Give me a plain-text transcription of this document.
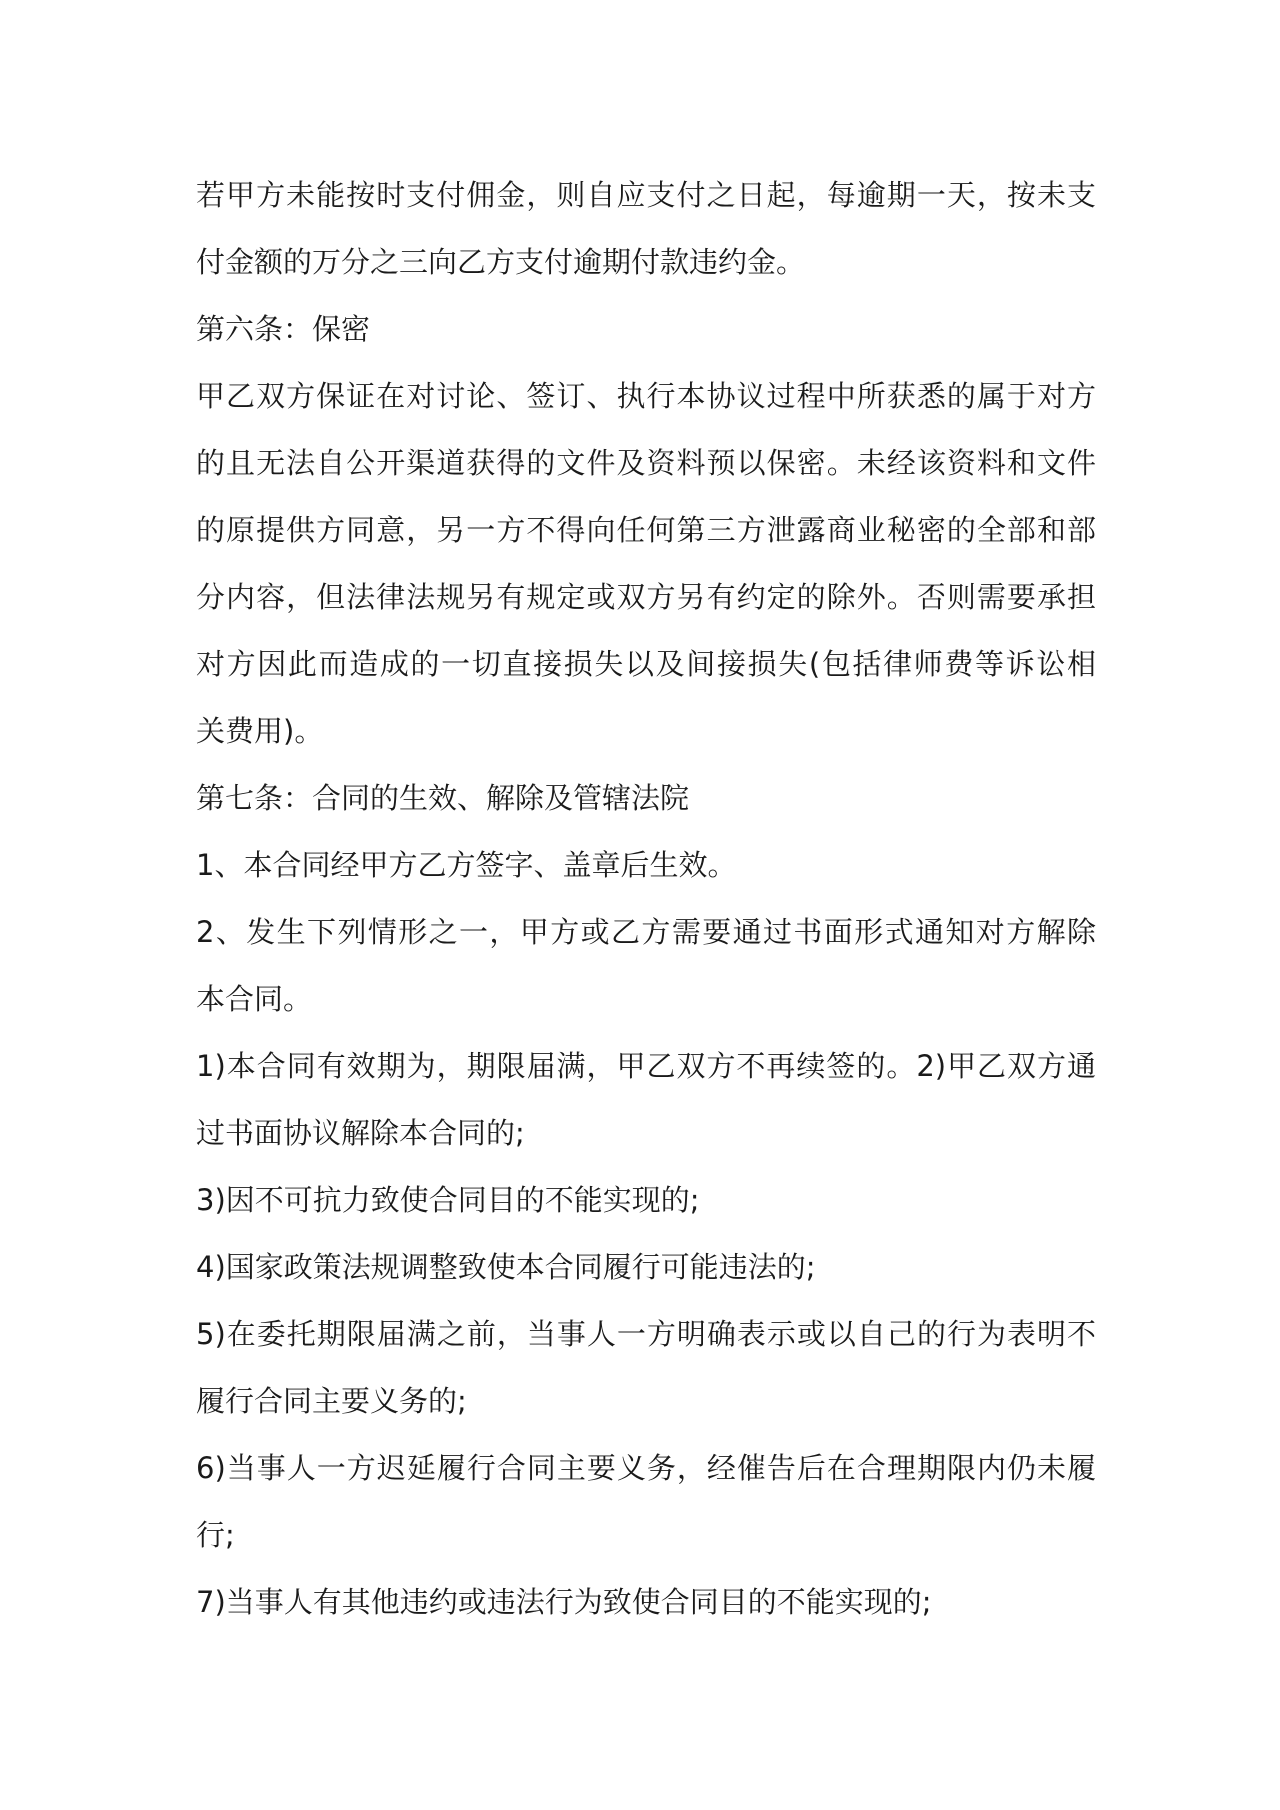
若甲方未能按时支付佣金，则自应支付之日起，每逾期一天，按未支
付金额的万分之三向乙方支付逾期付款违约金。
第六条：保密
甲乙双方保证在对讨论、签订、执行本协议过程中所获悉的属于对方
的且无法自公开渠道获得的文件及资料预以保密。未经该资料和文件
的原提供方同意，另一方不得向任何第三方泄露商业秘密的全部和部
分内容，但法律法规另有规定或双方另有约定的除外。否则需要承担
对方因此而造成的一切直接损失以及间接损失(包括律师费等诉讼相
关费用)。
第七条：合同的生效、解除及管辖法院
1、本合同经甲方乙方签字、盖章后生效。
2、发生下列情形之一，甲方或乙方需要通过书面形式通知对方解除
本合同。
1)本合同有效期为，期限届满，甲乙双方不再续签的。2)甲乙双方通
过书面协议解除本合同的;
3)因不可抗力致使合同目的不能实现的;
4)国家政策法规调整致使本合同履行可能违法的;
5)在委托期限届满之前，当事人一方明确表示或以自己的行为表明不
履行合同主要义务的;
6)当事人一方迟延履行合同主要义务，经催告后在合理期限内仍未履
行;
7)当事人有其他违约或违法行为致使合同目的不能实现的;
